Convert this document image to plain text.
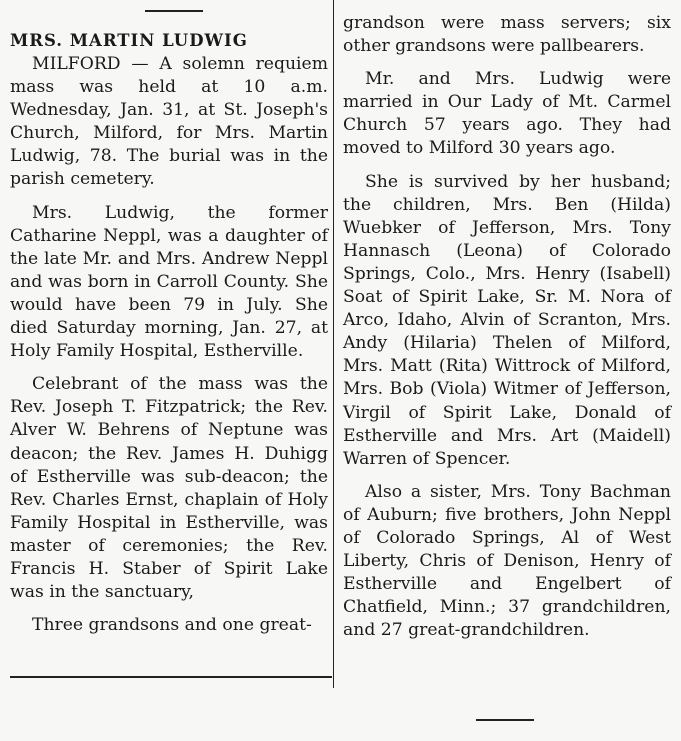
MRS. MARTIN LUDWIG

MILFORD — A solemn requiem mass was held at 10 a.m. Wednesday, Jan. 31, at St. Joseph's Church, Milford, for Mrs. Martin Ludwig, 78. The burial was in the parish cemetery.

Mrs. Ludwig, the former Catharine Neppl, was a daughter of the late Mr. and Mrs. Andrew Neppl and was born in Carroll County. She would have been 79 in July. She died Saturday morning, Jan. 27, at Holy Family Hospital, Estherville.

Celebrant of the mass was the Rev. Joseph T. Fitzpatrick; the Rev. Alver W. Behrens of Neptune was deacon; the Rev. James H. Duhigg of Estherville was sub-deacon; the Rev. Charles Ernst, chaplain of Holy Family Hospital in Estherville, was master of ceremonies; the Rev. Francis H. Staber of Spirit Lake was in the sanctuary,

Three grandsons and one great-

grandson were mass servers; six other grandsons were pallbearers.

Mr. and Mrs. Ludwig were married in Our Lady of Mt. Carmel Church 57 years ago. They had moved to Milford 30 years ago.

She is survived by her husband; the children, Mrs. Ben (Hilda) Wuebker of Jefferson, Mrs. Tony Hannasch (Leona) of Colorado Springs, Colo., Mrs. Henry (Isabell) Soat of Spirit Lake, Sr. M. Nora of Arco, Idaho, Alvin of Scranton, Mrs. Andy (Hilaria) Thelen of Milford, Mrs. Matt (Rita) Wittrock of Milford, Mrs. Bob (Viola) Witmer of Jefferson, Virgil of Spirit Lake, Donald of Estherville and Mrs. Art (Maidell) Warren of Spencer.

Also a sister, Mrs. Tony Bachman of Auburn; five brothers, John Neppl of Colorado Springs, Al of West Liberty, Chris of Denison, Henry of Estherville and Engelbert of Chatfield, Minn.; 37 grandchildren, and 27 great-grandchildren.
